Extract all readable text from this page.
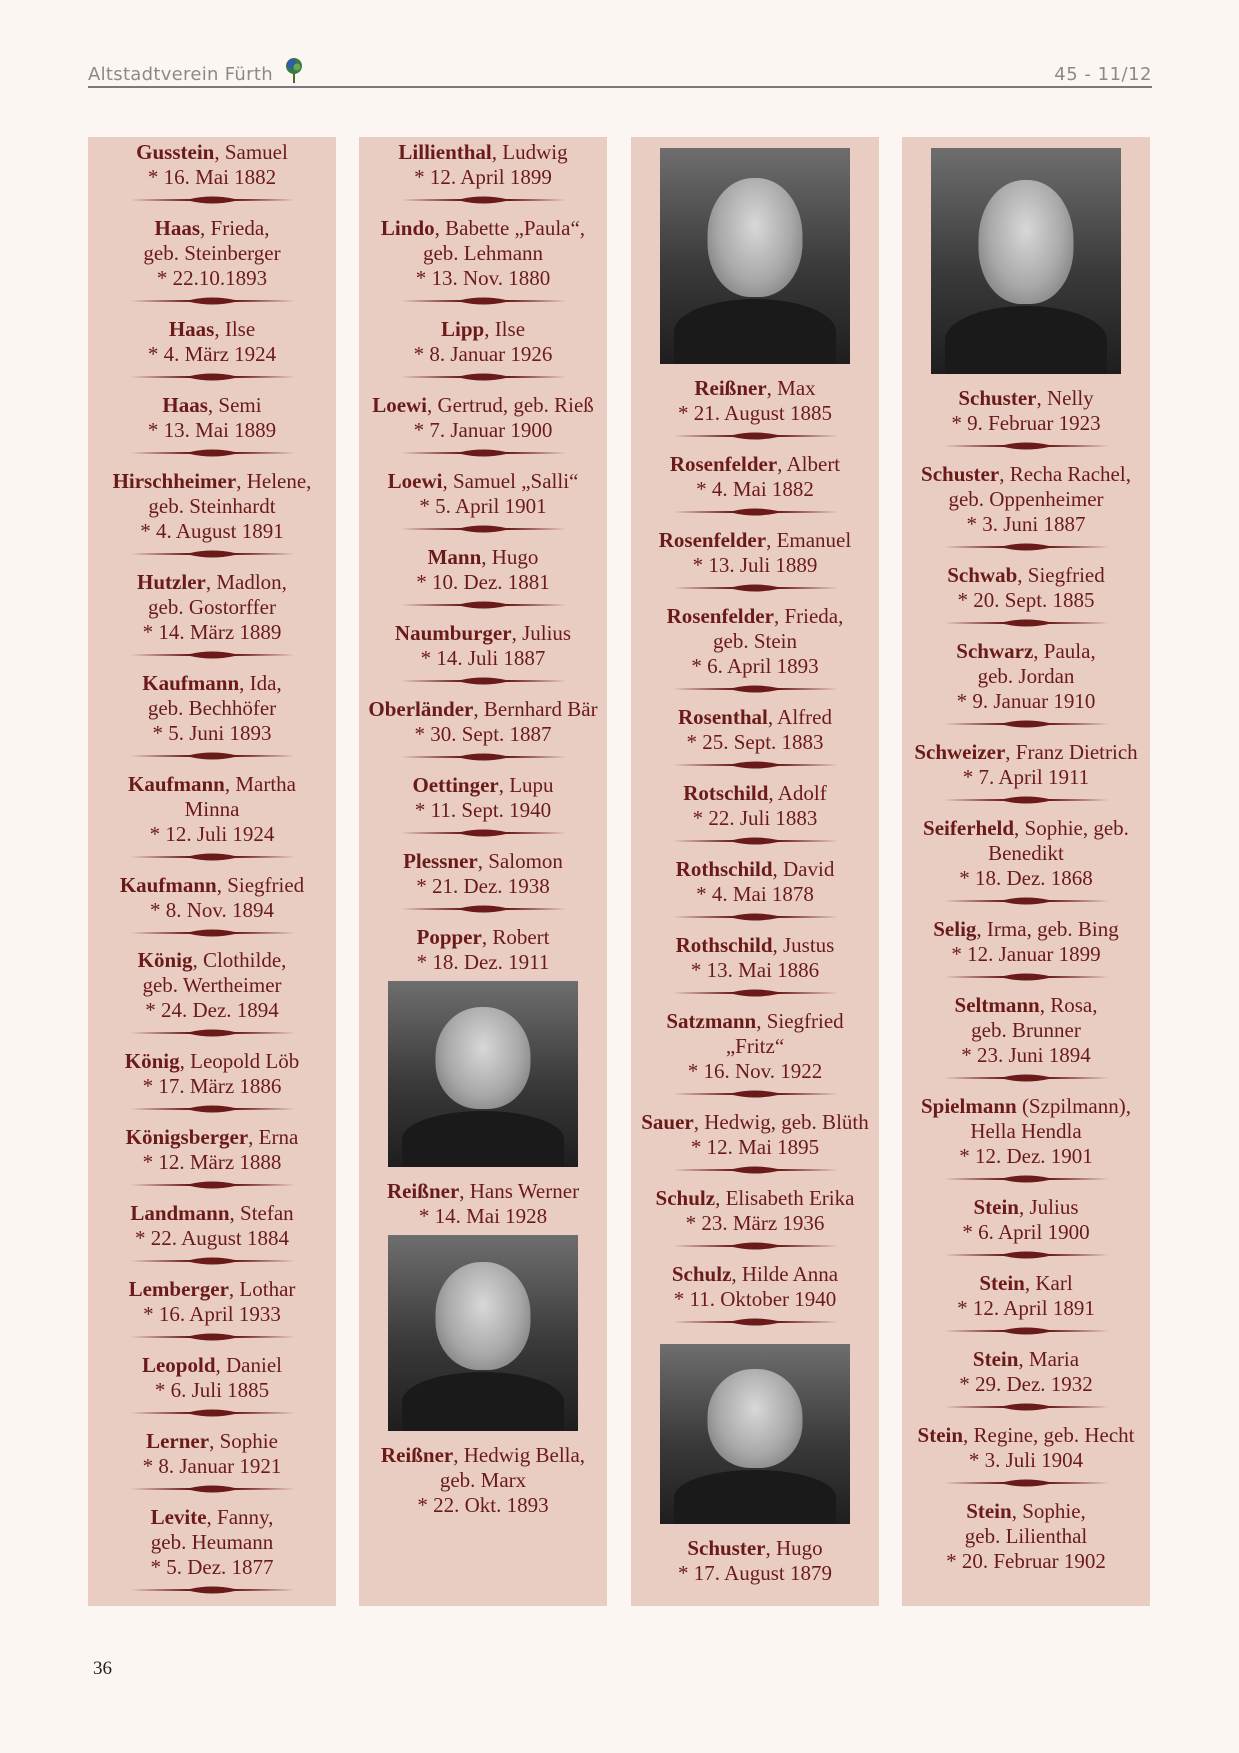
Altstadtverein Fürth	45 - 11/12
Gusstein, Samuel
* 16. Mai 1882
Haas, Frieda,
geb. Steinberger
* 22.10.1893
Haas, Ilse
* 4. März 1924
Haas, Semi
* 13. Mai 1889
Hirschheimer, Helene,
geb. Steinhardt
* 4. August 1891
Hutzler, Madlon,
geb. Gostorffer
* 14. März 1889
Kaufmann, Ida,
geb. Bechhöfer
* 5. Juni 1893
Kaufmann, Martha
Minna
* 12. Juli 1924
Kaufmann, Siegfried
* 8. Nov. 1894
König, Clothilde,
geb. Wertheimer
* 24. Dez. 1894
König, Leopold Löb
* 17. März 1886
Königsberger, Erna
* 12. März 1888
Landmann, Stefan
* 22. August 1884
Lemberger, Lothar
* 16. April 1933
Leopold, Daniel
* 6. Juli 1885
Lerner, Sophie
* 8. Januar 1921
Levite, Fanny,
geb. Heumann
* 5. Dez. 1877
Lillienthal, Ludwig
* 12. April 1899
Lindo, Babette „Paula“,
geb. Lehmann
* 13. Nov. 1880
Lipp, Ilse
* 8. Januar 1926
Loewi, Gertrud, geb. Rieß
* 7. Januar 1900
Loewi, Samuel „Salli“
* 5. April 1901
Mann, Hugo
* 10. Dez. 1881
Naumburger, Julius
* 14. Juli 1887
Oberländer, Bernhard Bär
* 30. Sept. 1887
Oettinger, Lupu
* 11. Sept. 1940
Plessner, Salomon
* 21. Dez. 1938
Popper, Robert
* 18. Dez. 1911
Reißner, Hans Werner
* 14. Mai 1928
Reißner, Hedwig Bella,
geb. Marx
* 22. Okt. 1893
Reißner, Max
* 21. August 1885
Rosenfelder, Albert
* 4. Mai 1882
Rosenfelder, Emanuel
* 13. Juli 1889
Rosenfelder, Frieda,
geb. Stein
* 6. April 1893
Rosenthal, Alfred
* 25. Sept. 1883
Rotschild, Adolf
* 22. Juli 1883
Rothschild, David
* 4. Mai 1878
Rothschild, Justus
* 13. Mai 1886
Satzmann, Siegfried
„Fritz“
* 16. Nov. 1922
Sauer, Hedwig, geb. Blüth
* 12. Mai 1895
Schulz, Elisabeth Erika
* 23. März 1936
Schulz, Hilde Anna
* 11. Oktober 1940
Schuster, Hugo
* 17. August 1879
Schuster, Nelly
* 9. Februar 1923
Schuster, Recha Rachel,
geb. Oppenheimer
* 3. Juni 1887
Schwab, Siegfried
* 20. Sept. 1885
Schwarz, Paula,
geb. Jordan
* 9. Januar 1910
Schweizer, Franz Dietrich
* 7. April 1911
Seiferheld, Sophie, geb.
Benedikt
* 18. Dez. 1868
Selig, Irma, geb. Bing
* 12. Januar 1899
Seltmann, Rosa,
geb. Brunner
* 23. Juni 1894
Spielmann (Szpilmann),
Hella Hendla
* 12. Dez. 1901
Stein, Julius
* 6. April 1900
Stein, Karl
* 12. April 1891
Stein, Maria
* 29. Dez. 1932
Stein, Regine, geb. Hecht
* 3. Juli 1904
Stein, Sophie,
geb. Lilienthal
* 20. Februar 1902
36
